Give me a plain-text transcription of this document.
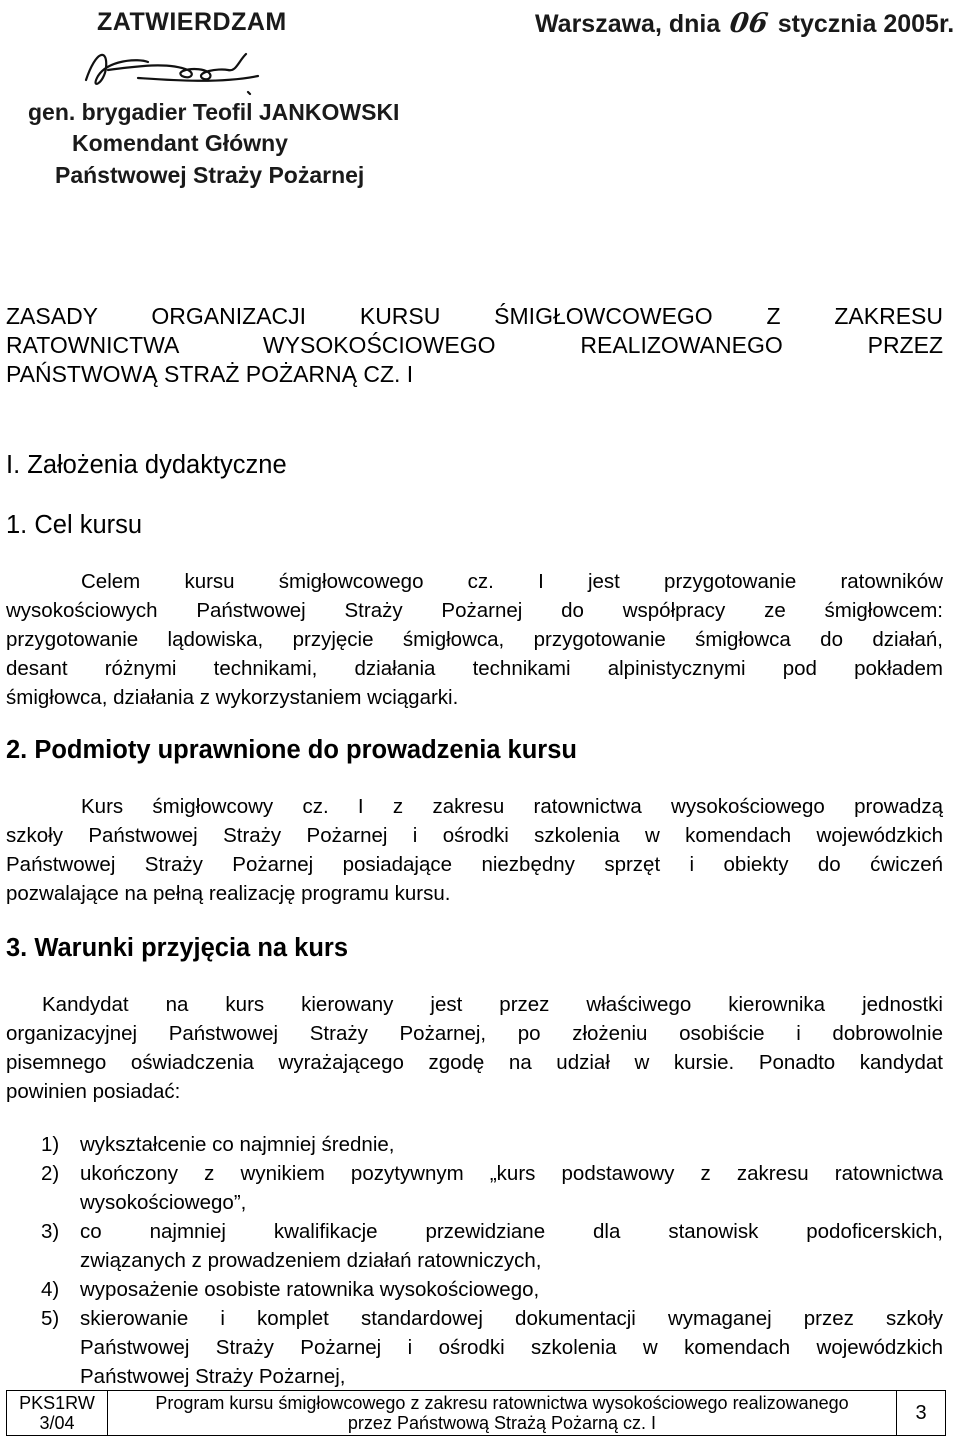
ZATWIERDZAM	Warszawa, dnia 06 stycznia 2005r.
gen. brygadier Teofil JANKOWSKI
Komendant Główny
Państwowej Straży Pożarnej
ZASADY ORGANIZACJI KURSU ŚMIGŁOWCOWEGO Z ZAKRESU
RATOWNICTWA WYSOKOŚCIOWEGO REALIZOWANEGO PRZEZ
PAŃSTWOWĄ STRAŻ POŻARNĄ CZ. I
I. Założenia dydaktyczne
1. Cel kursu
Celem kursu śmigłowcowego cz. I jest przygotowanie ratowników
wysokościowych Państwowej Straży Pożarnej do współpracy ze śmigłowcem:
przygotowanie lądowiska, przyjęcie śmigłowca, przygotowanie śmigłowca do działań,
desant różnymi technikami, działania technikami alpinistycznymi pod pokładem
śmigłowca, działania z wykorzystaniem wciągarki.
2. Podmioty uprawnione do prowadzenia kursu
Kurs śmigłowcowy cz. I z zakresu ratownictwa wysokościowego prowadzą
szkoły Państwowej Straży Pożarnej i ośrodki szkolenia w komendach wojewódzkich
Państwowej Straży Pożarnej posiadające niezbędny sprzęt i obiekty do ćwiczeń
pozwalające na pełną realizację programu kursu.
3. Warunki przyjęcia na kurs
Kandydat na kurs kierowany jest przez właściwego kierownika jednostki
organizacyjnej Państwowej Straży Pożarnej, po złożeniu osobiście i dobrowolnie
pisemnego oświadczenia wyrażającego zgodę na udział w kursie. Ponadto kandydat
powinien posiadać:
1) wykształcenie co najmniej średnie,
2) ukończony z wynikiem pozytywnym „kurs podstawowy z zakresu ratownictwa
wysokościowego”,
3) co najmniej kwalifikacje przewidziane dla stanowisk podoficerskich,
związanych z prowadzeniem działań ratowniczych,
4) wyposażenie osobiste ratownika wysokościowego,
5) skierowanie i komplet standardowej dokumentacji wymaganej przez szkoły
Państwowej Straży Pożarnej i ośrodki szkolenia w komendach wojewódzkich
Państwowej Straży Pożarnej,
PKS1RW
3/04
Program kursu śmigłowcowego z zakresu ratownictwa wysokościowego realizowanego
przez Państwową Strażą Pożarną cz. I	3
